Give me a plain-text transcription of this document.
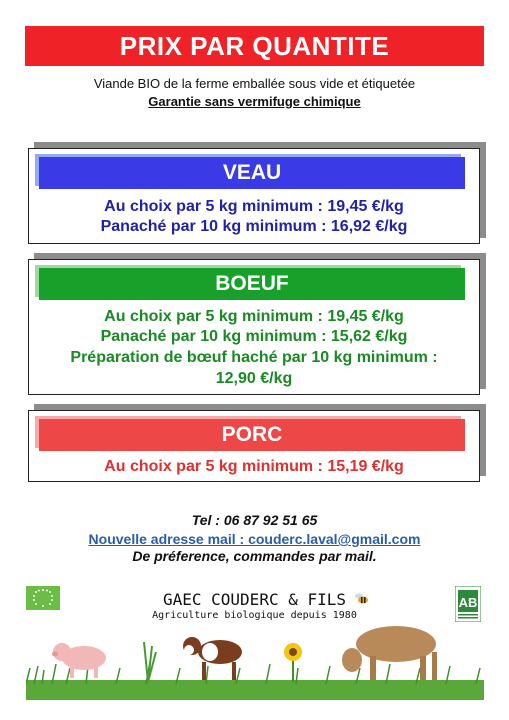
PRIX PAR QUANTITE
Viande BIO de la ferme emballée sous vide et étiquetée
Garantie sans vermifuge chimique
VEAU
Au choix par 5 kg minimum : 19,45 €/kg
Panaché par 10 kg minimum : 16,92 €/kg
BOEUF
Au choix par 5 kg minimum : 19,45 €/kg
Panaché par 10 kg minimum : 15,62 €/kg
Préparation de bœuf haché par 10 kg minimum :
12,90 €/kg
PORC
Au choix par 5 kg minimum : 15,19 €/kg
Tel : 06 87 92 51 65
Nouvelle adresse mail : couderc.laval@gmail.com
De préference, commandes par mail.
GAEC COUDERC & FILS
Agriculture biologique depuis 1980
AB
